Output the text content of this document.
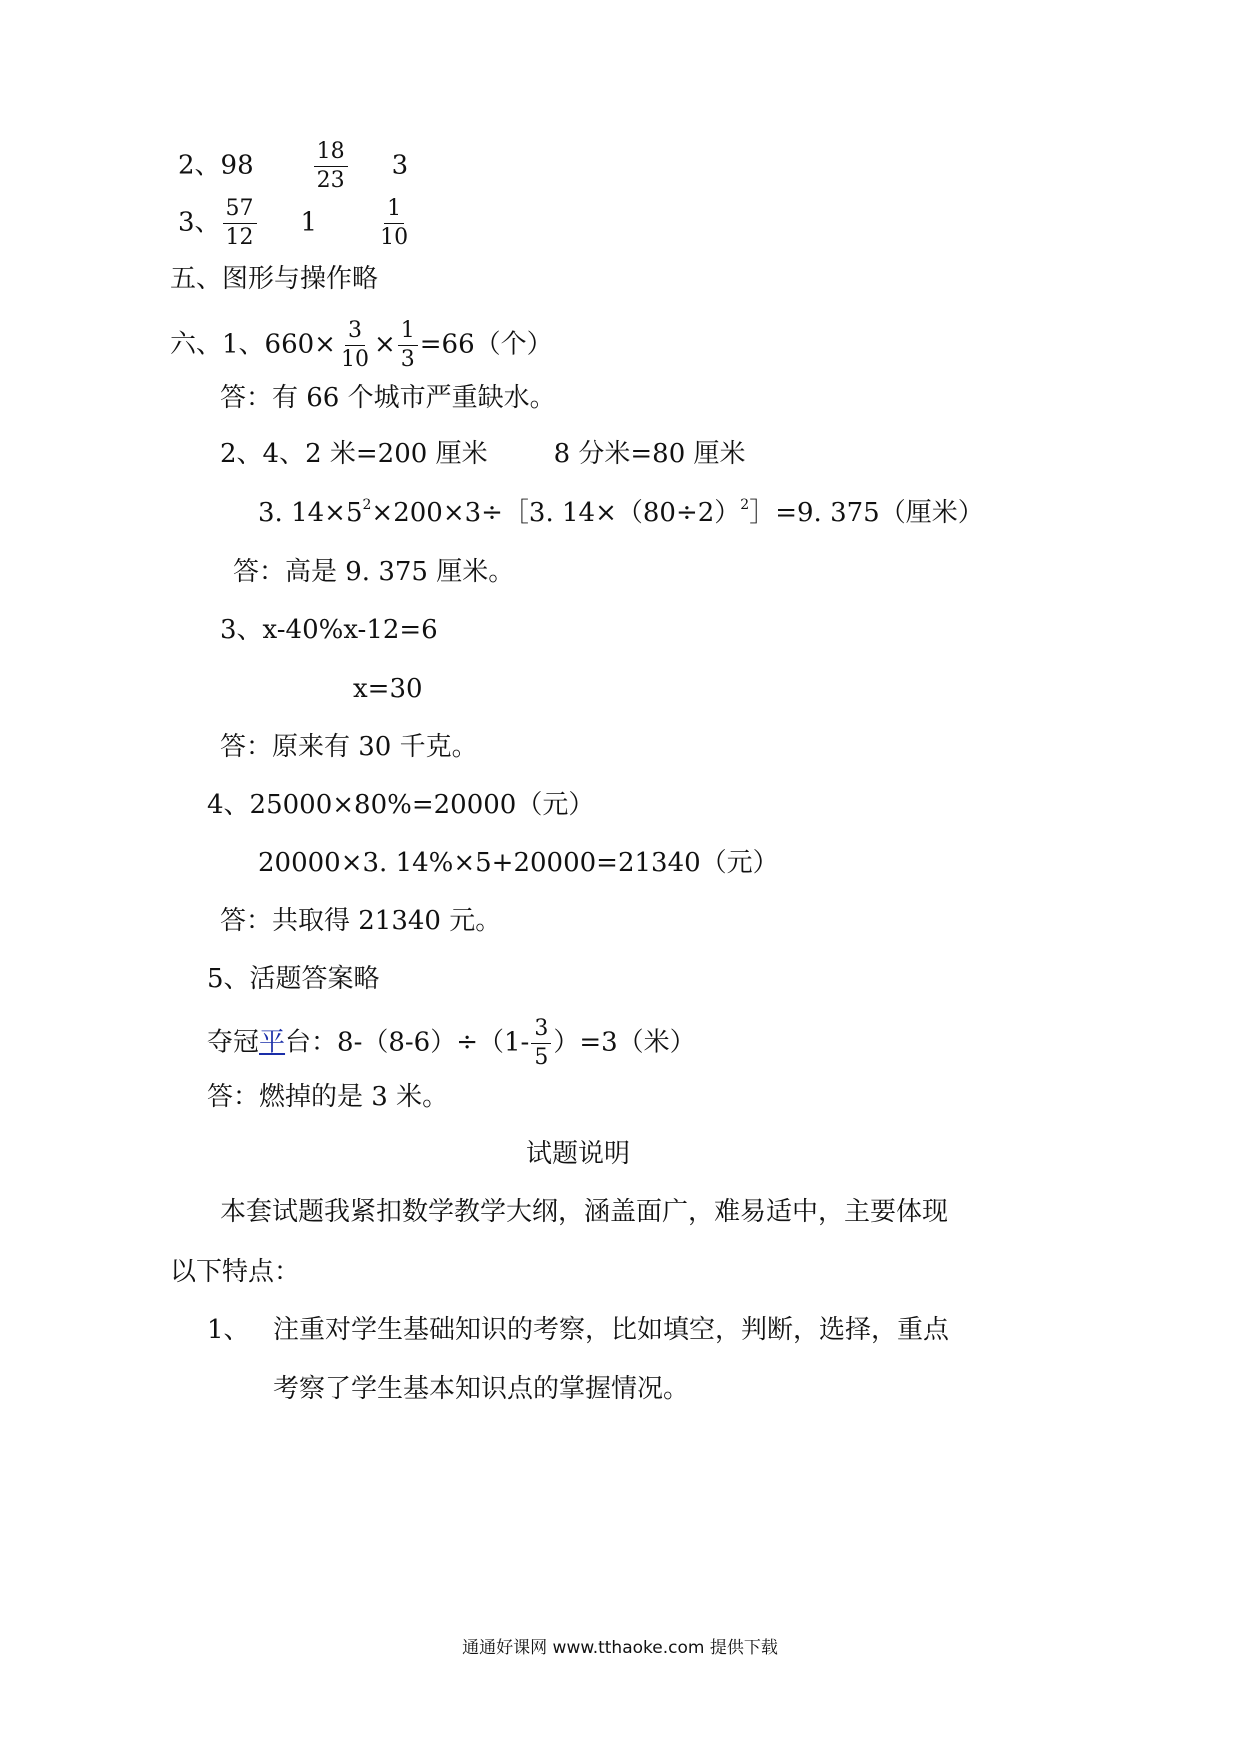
2、98	$\frac{18}{23} 3$
3、 $\frac{57}{12} 1$	$\frac{1}{10}$
五、图形与操作略
六、1、$660\times \frac{3}{10} \times \frac{1}{3} =66$（个）
答：有 66 个城市严重缺水。
2、4、2 米=200 厘米	8 分米=80 厘米
3. $14\times 5^2\times 200\times 3\div[3$. $14\times(80\div 2)^2]=9$. 375（厘米）
答：高是 9. 375 厘米。
3、x-40%x-12=6
x=30
答：原来有 30 千克。
4、25000×80%=20000（元）
20000×3. 14%×5+20000=21340（元）
答：共取得 21340 元。
5、活题答案略
夺冠平台：$8-(8-6)\div(1- \frac{3}{5} )=3$（米）
答：燃掉的是 3 米。
试题说明
本套试题我紧扣数学教学大纲，涵盖面广，难易适中，主要体现
以下特点：
1、 注重对学生基础知识的考察，比如填空，判断，选择，重点
考察了学生基本知识点的掌握情况。
通通好课网 www.tthaoke.com 提供下载
